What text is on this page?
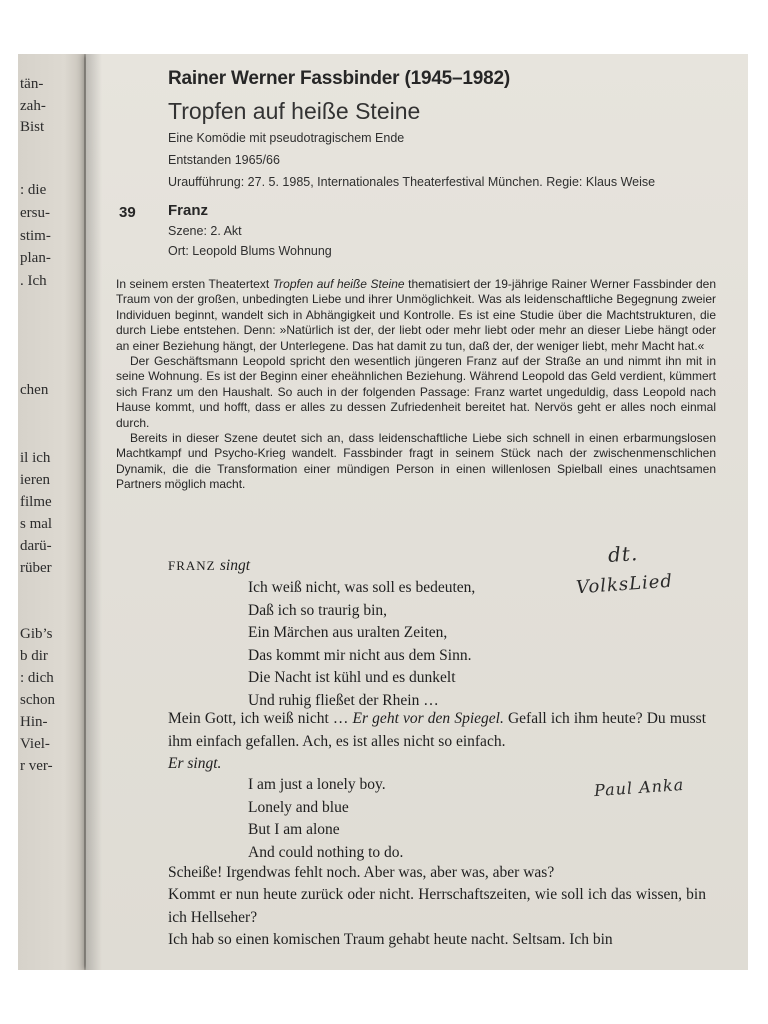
tän-
zah-
Bist
: die
ersu-
stim-
plan-
. Ich
chen
il ich
ieren
filme
s mal
darü-
rüber
Gib’s
b dir
: dich
schon
Hin-
Viel-
r ver-
Rainer Werner Fassbinder (1945–1982)
Tropfen auf heiße Steine
Eine Komödie mit pseudotragischem Ende
Entstanden 1965/66
Uraufführung: 27. 5. 1985, Internationales Theaterfestival München. Regie: Klaus Weise
39 Franz
Szene: 2. Akt
Ort: Leopold Blums Wohnung

In seinem ersten Theatertext Tropfen auf heiße Steine thematisiert der 19-jährige Rainer Werner Fassbinder den Traum von der großen, unbedingten Liebe und ihrer Unmöglichkeit. Was als leidenschaftliche Begegnung zweier Individuen beginnt, wandelt sich in Abhängigkeit und Kontrolle. Es ist eine Studie über die Machtstrukturen, die durch Liebe entstehen. Denn: »Natürlich ist der, der liebt oder mehr liebt oder mehr an dieser Liebe hängt oder an einer Beziehung hängt, der Unterlegene. Das hat damit zu tun, daß der, der weniger liebt, mehr Macht hat.«

Der Geschäftsmann Leopold spricht den wesentlich jüngeren Franz auf der Straße an und nimmt ihn mit in seine Wohnung. Es ist der Beginn einer eheähnlichen Beziehung. Während Leopold das Geld verdient, kümmert sich Franz um den Haushalt. So auch in der folgenden Passage: Franz wartet ungeduldig, dass Leopold nach Hause kommt, und hofft, dass er alles zu dessen Zufriedenheit bereitet hat. Nervös geht er alles noch einmal durch.

Bereits in dieser Szene deutet sich an, dass leidenschaftliche Liebe sich schnell in einen erbarmungslosen Machtkampf und Psycho-Krieg wandelt. Fassbinder fragt in seinem Stück nach der zwischenmenschlichen Dynamik, die die Transformation einer mündigen Person in einen willenlosen Spielball eines unachtsamen Partners möglich macht.

FRANZ singt
Ich weiß nicht, was soll es bedeuten,
Daß ich so traurig bin,
Ein Märchen aus uralten Zeiten,
Das kommt mir nicht aus dem Sinn.
Die Nacht ist kühl und es dunkelt
Und ruhig fließet der Rhein …
Mein Gott, ich weiß nicht … Er geht vor den Spiegel. Gefall ich ihm heute? Du musst ihm einfach gefallen. Ach, es ist alles nicht so einfach.
Er singt.
I am just a lonely boy.
Lonely and blue
But I am alone
And could nothing to do.
Scheiße! Irgendwas fehlt noch. Aber was, aber was, aber was?
Kommt er nun heute zurück oder nicht. Herrschaftszeiten, wie soll ich das wissen, bin ich Hellseher?
Ich hab so einen komischen Traum gehabt heute nacht. Seltsam. Ich bin
dt.
VolksLied
Paul Anka
